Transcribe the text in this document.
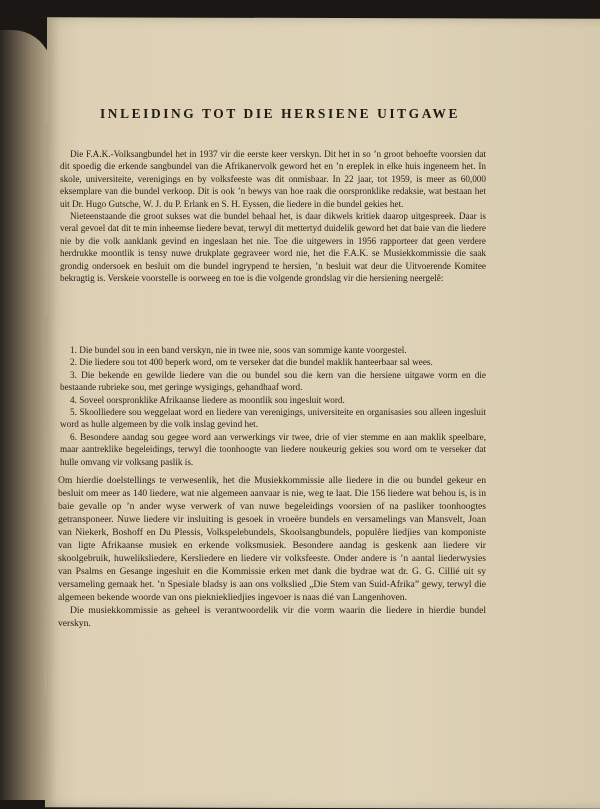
INLEIDING TOT DIE HERSIENE UITGAWE

Die F.A.K.-Volksangbundel het in 1937 vir die eerste keer verskyn. Dit het in so ’n groot behoefte voorsien dat dit spoedig die erkende sangbundel van die Afrikanervolk geword het en ’n erepIek in elke huis ingeneem het. In skole, universiteite, verenigings en by volksfeeste was dit onmisbaar. In 22 jaar, tot 1959, is meer as 60,000 eksemplare van die bundel verkoop. Dit is ook ’n bewys van hoe raak die oorspronklike redaksie, wat bestaan het uit Dr. Hugo Gutsche, W. J. du P. Erlank en S. H. Eyssen, die liedere in die bundel gekies het.

Nieteenstaande die groot sukses wat die bundel behaal het, is daar dikwels kritiek daarop uitgespreek. Daar is veral gevoel dat dit te min inheemse liedere bevat, terwyl dit mettertyd duidelik geword het dat baie van die liedere nie by die volk aanklank gevind en ingeslaan het nie. Toe die uitgewers in 1956 rapporteer dat geen verdere herdrukke moontlik is tensy nuwe drukplate gegraveer word nie, het die F.A.K. se Musiekkommissie die saak grondig ondersoek en besluit om die bundel ingrypend te hersien, ’n besluit wat deur die Uitvoerende Komitee bekragtig is. Verskeie voorstelle is oorweeg en toe is die volgende grondslag vir die hersiening neergelê:

1. Die bundel sou in een band verskyn, nie in twee nie, soos van sommige kante voorgestel.

2. Die liedere sou tot 400 beperk word, om te verseker dat die bundel maklik hanteerbaar sal wees.

3. Die bekende en gewilde liedere van die ou bundel sou die kern van die hersiene uitgawe vorm en die bestaande rubrieke sou, met geringe wysigings, gehandhaaf word.

4. Soveel oorspronklike Afrikaanse liedere as moontlik sou ingesluit word.

5. Skoolliedere sou weggelaat word en liedere van verenigings, universiteite en organisasies sou alleen ingesluit word as hulle algemeen by die volk inslag gevind het.

6. Besondere aandag sou gegee word aan verwerkings vir twee, drie of vier stemme en aan maklik speelbare, maar aantreklike begeleidings, terwyl die toonhoogte van liedere noukeurig gekies sou word om te verseker dat hulle omvang vir volksang paslik is.

Om hierdie doelstellings te verwesenlik, het die Musiekkommissie alle liedere in die ou bundel gekeur en besluit om meer as 140 liedere, wat nie algemeen aanvaar is nie, weg te laat. Die 156 liedere wat behou is, is in baie gevalle op ’n ander wyse verwerk of van nuwe begeleidings voorsien of na pasliker toonhoogtes getransponeer. Nuwe liedere vir insluiting is gesoek in vroeëre bundels en versamelings van Mansvelt, Joan van Niekerk, Boshoff en Du Plessis, Volkspelebundels, Skoolsangbundels, populêre liedjies van komponiste van ligte Afrikaanse musiek en erkende volksmusiek. Besondere aandag is geskenk aan liedere vir skoolgebruik, huweliksliedere, Kersliedere en liedere vir volksfeeste. Onder andere is ’n aantal liederwysies van Psalms en Gesange ingesluit en die Kommissie erken met dank die bydrae wat dr. G. G. Cillié uit sy versameling gemaak het. ’n Spesiale bladsy is aan ons volkslied „Die Stem van Suid-Afrika” gewy, terwyl die algemeen bekende woorde van ons piekniekliedjies ingevoer is naas dié van Langenhoven.

Die musiekkommissie as geheel is verantwoordelik vir die vorm waarin die liedere in hierdie bundel verskyn.
